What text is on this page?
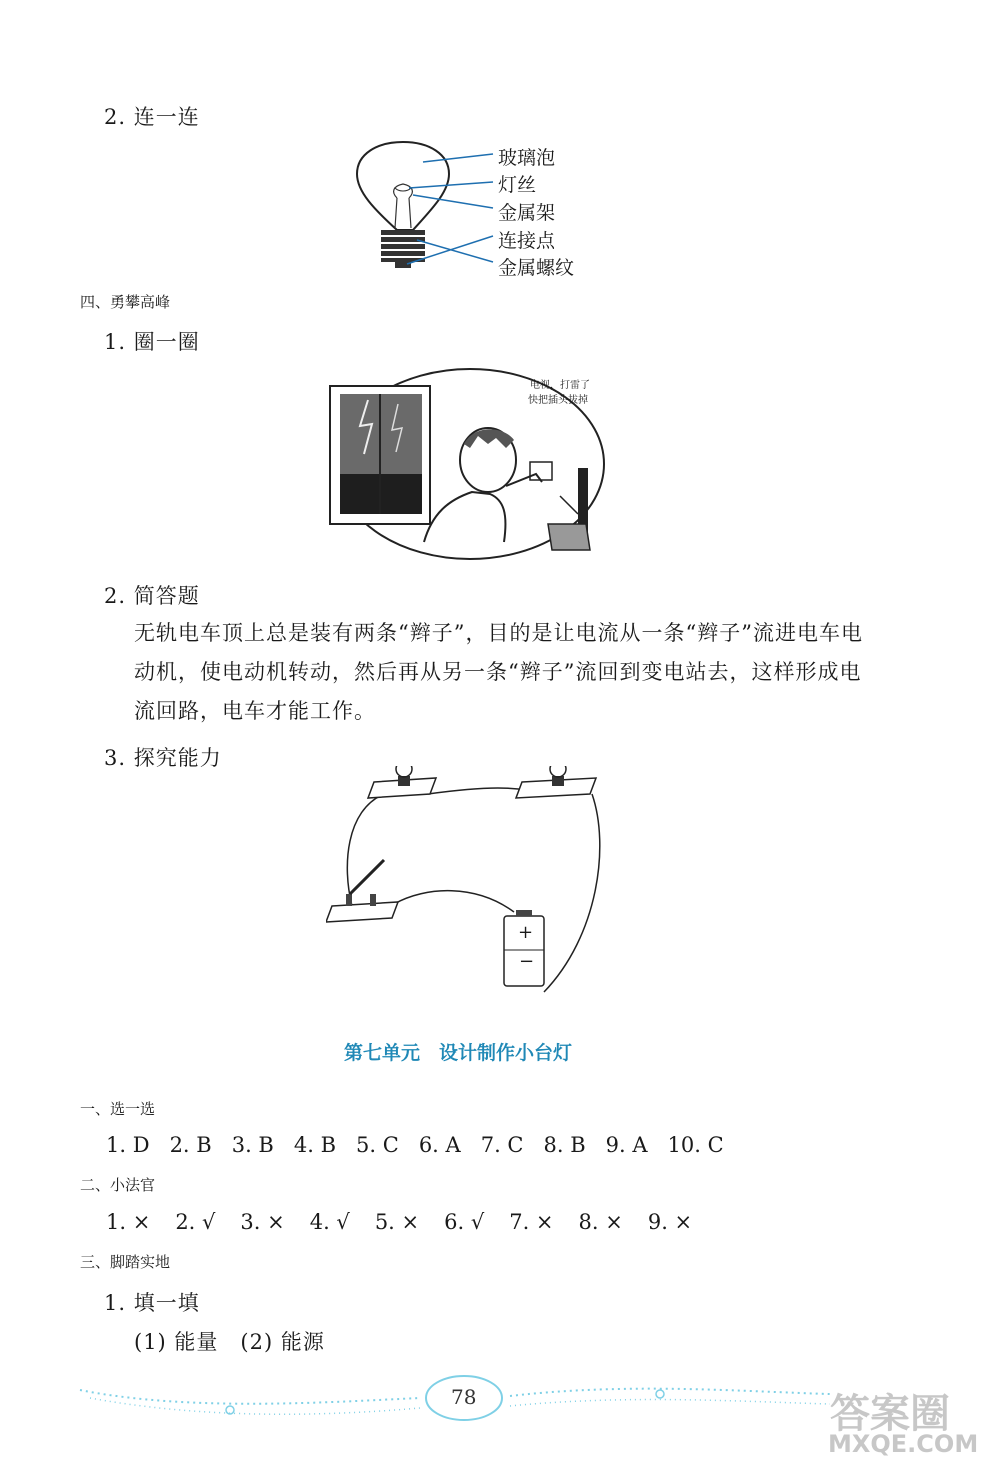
2. 连一连
玻璃泡
灯丝
金属架
连接点
金属螺纹
四、勇攀高峰
1. 圈一圈
电视，打雷了
快把插头拔掉
2. 简答题
无轨电车顶上总是装有两条“辫子”，目的是让电流从一条“辫子”流进电车电动机，使电动机转动，然后再从另一条“辫子”流回到变电站去，这样形成电流回路，电车才能工作。
3. 探究能力
+
−
第七单元　设计制作小台灯
一、选一选
1. D 2. B 3. B 4. B 5. C 6. A 7. C 8. B 9. A 10. C
二、小法官
1. × 2. √ 3. × 4. √ 5. × 6. √ 7. × 8. × 9. ×
三、脚踏实地
1. 填一填
(1) 能量　(2) 能源
78	答案圈
MXQE.COM
